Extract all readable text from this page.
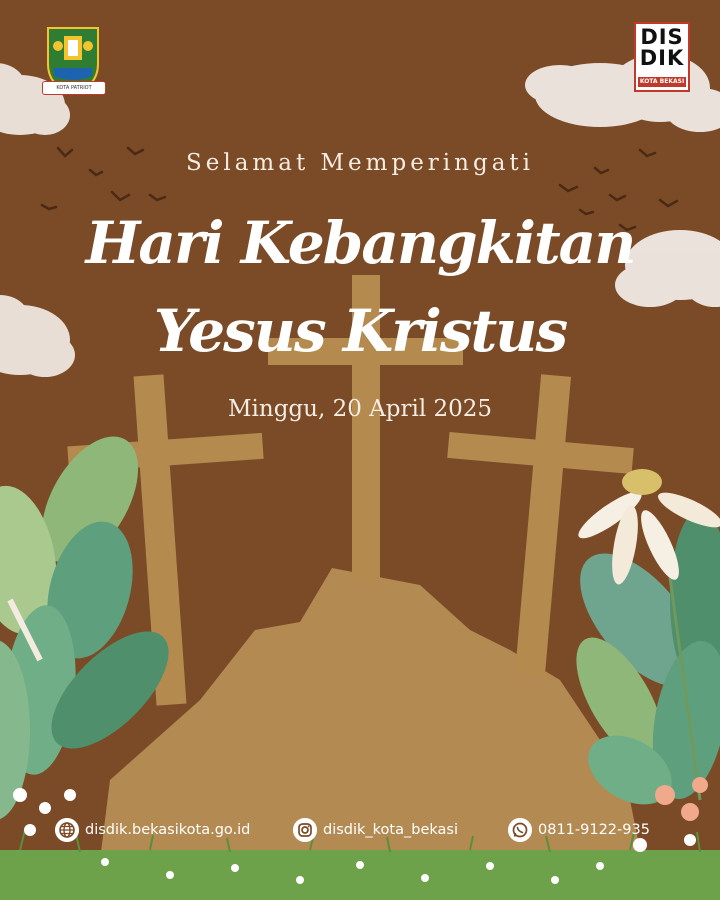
KOTA PATRIOT
DIS
DIK
KOTA BEKASI
Selamat Memperingati
Hari Kebangkitan
Yesus Kristus
Minggu, 20 April 2025
disdik.bekasikota.go.id	disdik_kota_bekasi	0811-9122-935
